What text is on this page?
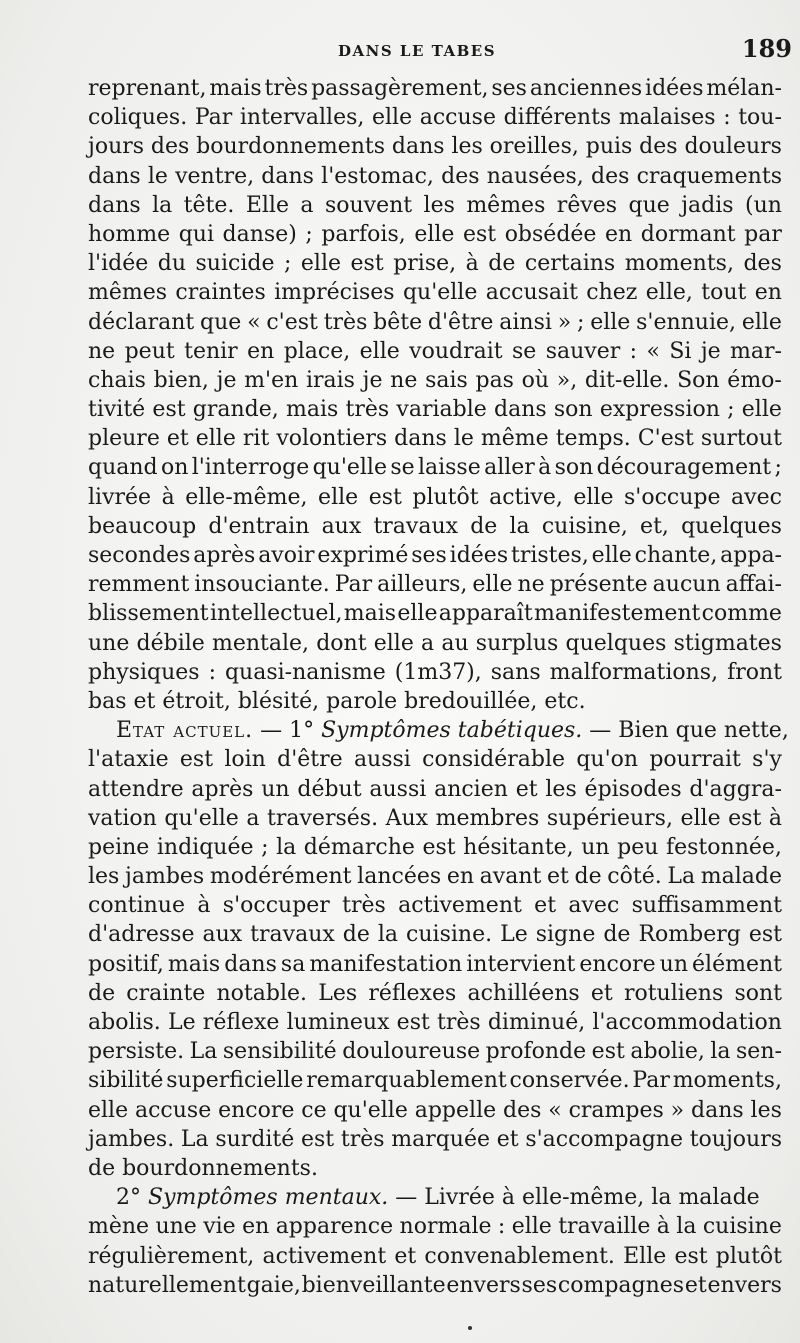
DANS LE TABES	189
reprenant, mais très passagèrement, ses anciennes idées mélan-
coliques. Par intervalles, elle accuse différents malaises : tou-
jours des bourdonnements dans les oreilles, puis des douleurs
dans le ventre, dans l'estomac, des nausées, des craquements
dans la tête. Elle a souvent les mêmes rêves que jadis (un
homme qui danse) ; parfois, elle est obsédée en dormant par
l'idée du suicide ; elle est prise, à de certains moments, des
mêmes craintes imprécises qu'elle accusait chez elle, tout en
déclarant que « c'est très bête d'être ainsi » ; elle s'ennuie, elle
ne peut tenir en place, elle voudrait se sauver : « Si je mar-
chais bien, je m'en irais je ne sais pas où », dit-elle. Son émo-
tivité est grande, mais très variable dans son expression ; elle
pleure et elle rit volontiers dans le même temps. C'est surtout
quand on l'interroge qu'elle se laisse aller à son découragement ;
livrée à elle-même, elle est plutôt active, elle s'occupe avec
beaucoup d'entrain aux travaux de la cuisine, et, quelques
secondes après avoir exprimé ses idées tristes, elle chante, appa-
remment insouciante. Par ailleurs, elle ne présente aucun affai-
blissement intellectuel, mais elle apparaît manifestement comme
une débile mentale, dont elle a au surplus quelques stigmates
physiques : quasi-nanisme (1m37), sans malformations, front
bas et étroit, blésité, parole bredouillée, etc.
Etat actuel. — 1° Symptômes tabétiques. — Bien que nette,
l'ataxie est loin d'être aussi considérable qu'on pourrait s'y
attendre après un début aussi ancien et les épisodes d'aggra-
vation qu'elle a traversés. Aux membres supérieurs, elle est à
peine indiquée ; la démarche est hésitante, un peu festonnée,
les jambes modérément lancées en avant et de côté. La malade
continue à s'occuper très activement et avec suffisamment
d'adresse aux travaux de la cuisine. Le signe de Romberg est
positif, mais dans sa manifestation intervient encore un élément
de crainte notable. Les réflexes achilléens et rotuliens sont
abolis. Le réflexe lumineux est très diminué, l'accommodation
persiste. La sensibilité douloureuse profonde est abolie, la sen-
sibilité superficielle remarquablement conservée. Par moments,
elle accuse encore ce qu'elle appelle des « crampes » dans les
jambes. La surdité est très marquée et s'accompagne toujours
de bourdonnements.
2° Symptômes mentaux. — Livrée à elle-même, la malade
mène une vie en apparence normale : elle travaille à la cuisine
régulièrement, activement et convenablement. Elle est plutôt
naturellement gaie, bienveillante envers ses compagnes et envers
